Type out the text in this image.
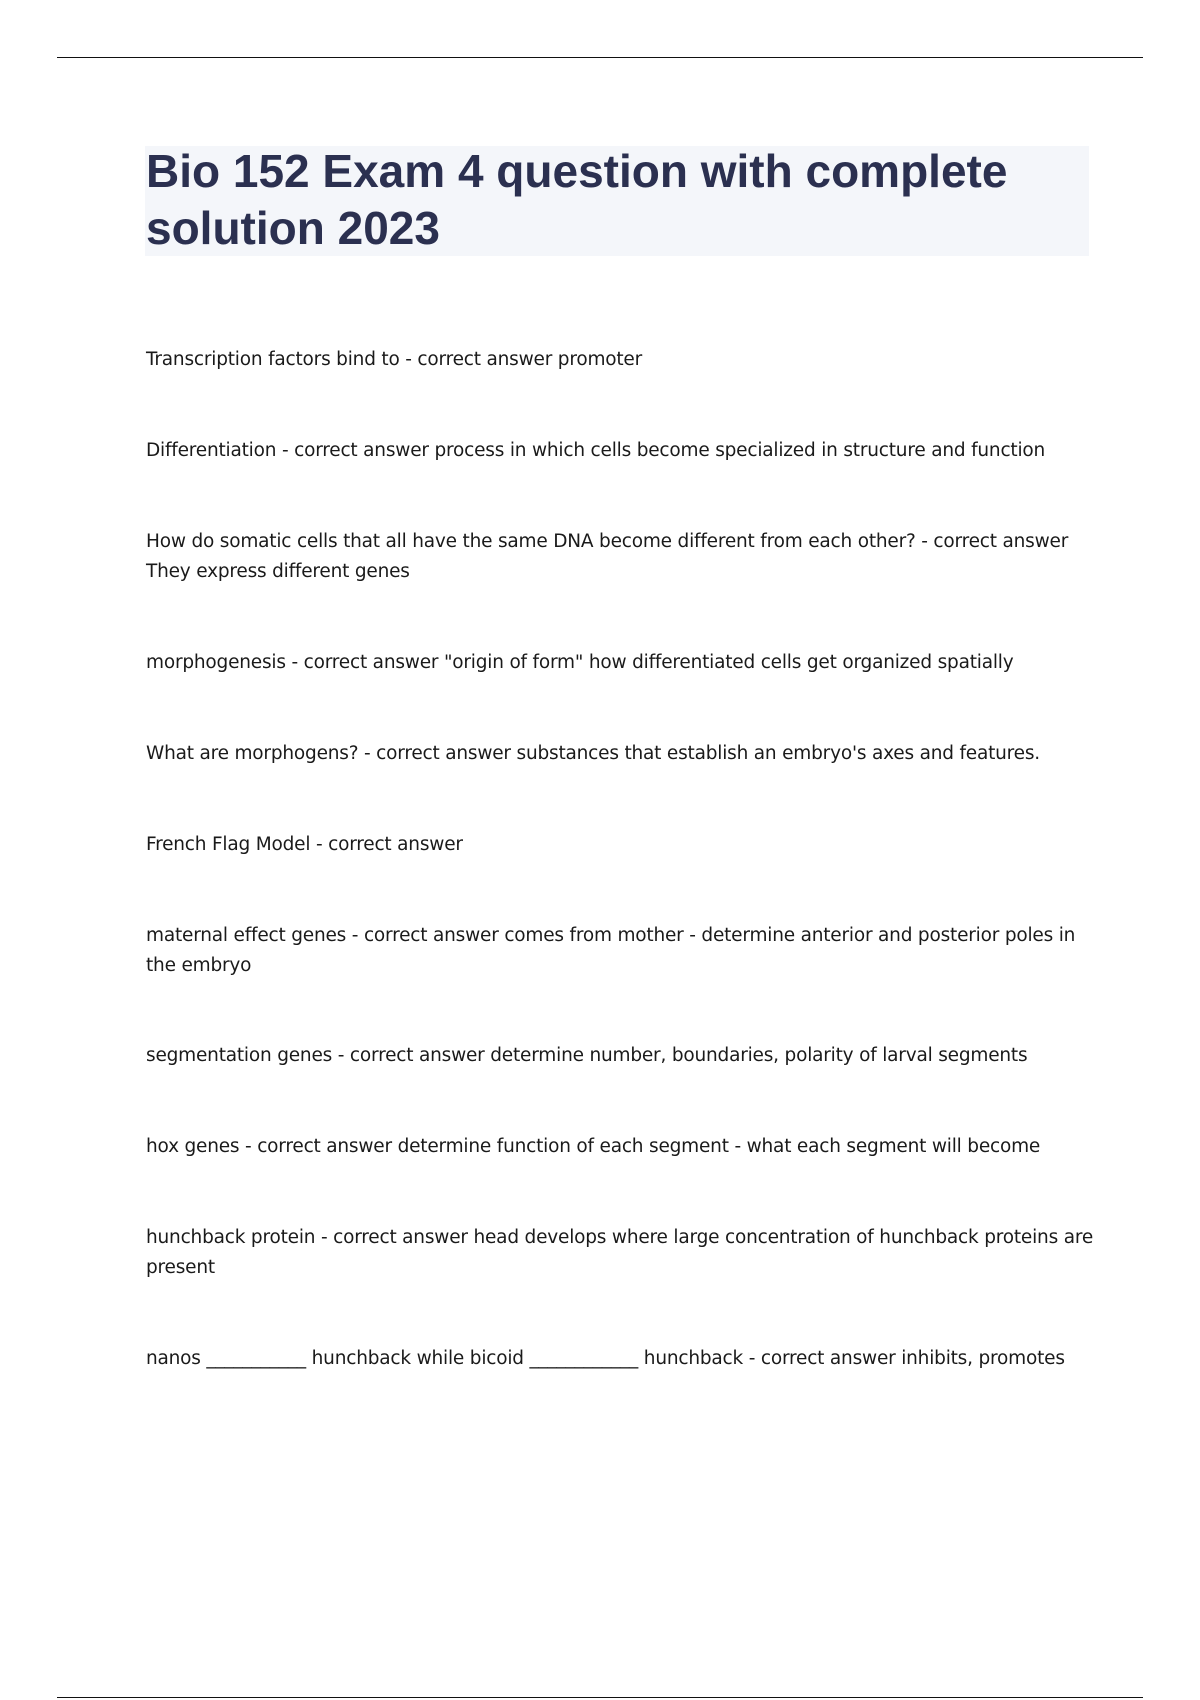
Bio 152 Exam 4 question with complete solution 2023

Transcription factors bind to - correct answer promoter

Differentiation - correct answer process in which cells become specialized in structure and function

How do somatic cells that all have the same DNA become different from each other? - correct answer They express different genes

morphogenesis - correct answer "origin of form" how differentiated cells get organized spatially

What are morphogens? - correct answer substances that establish an embryo's axes and features.

French Flag Model - correct answer

maternal effect genes - correct answer comes from mother - determine anterior and posterior poles in the embryo

segmentation genes - correct answer determine number, boundaries, polarity of larval segments

hox genes - correct answer determine function of each segment - what each segment will become

hunchback protein - correct answer head develops where large concentration of hunchback proteins are present

nanos ___________ hunchback while bicoid ____________ hunchback - correct answer inhibits, promotes
